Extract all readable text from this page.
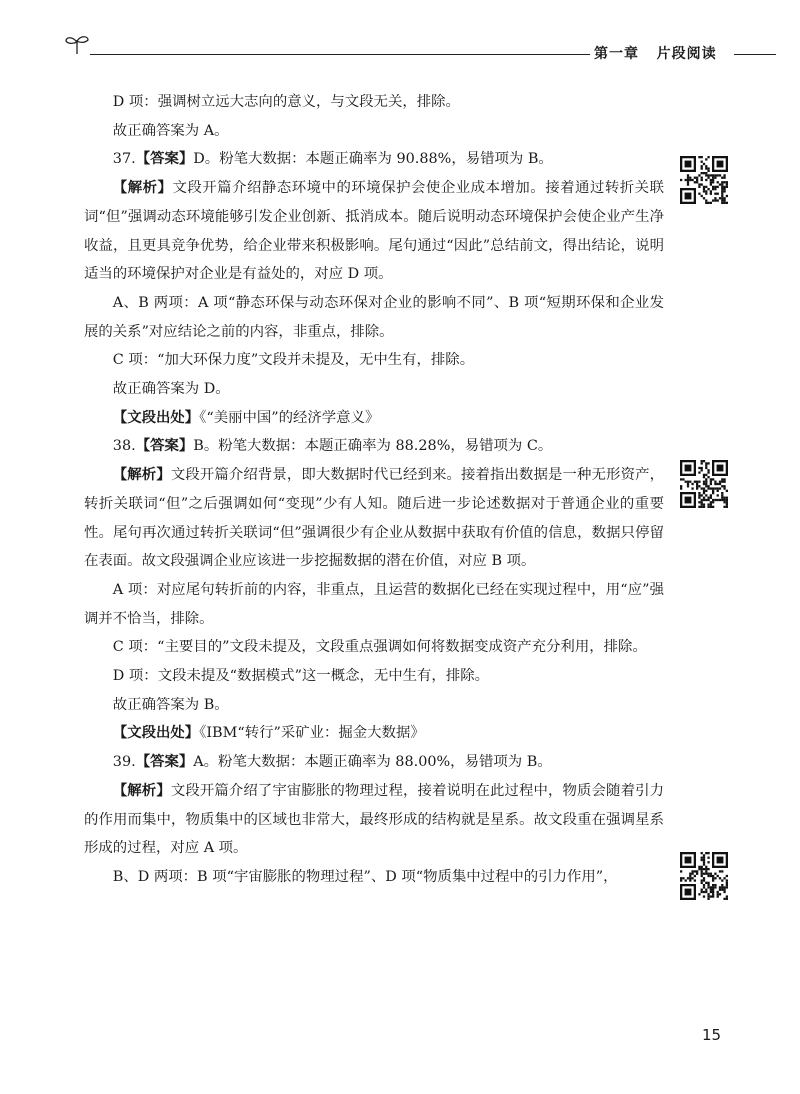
第一章 片段阅读

D 项：强调树立远大志向的意义，与文段无关，排除。

故正确答案为 A。

37.【答案】D。粉笔大数据：本题正确率为 90.88%，易错项为 B。

【解析】文段开篇介绍静态环境中的环境保护会使企业成本增加。接着通过转折关联词“但”强调动态环境能够引发企业创新、抵消成本。随后说明动态环境保护会使企业产生净收益，且更具竞争优势，给企业带来积极影响。尾句通过“因此”总结前文，得出结论，说明适当的环境保护对企业是有益处的，对应 D 项。

A、B 两项：A 项“静态环保与动态环保对企业的影响不同”、B 项“短期环保和企业发展的关系”对应结论之前的内容，非重点，排除。

C 项：“加大环保力度”文段并未提及，无中生有，排除。

故正确答案为 D。

【文段出处】《“美丽中国”的经济学意义》

38.【答案】B。粉笔大数据：本题正确率为 88.28%，易错项为 C。

【解析】文段开篇介绍背景，即大数据时代已经到来。接着指出数据是一种无形资产，转折关联词“但”之后强调如何“变现”少有人知。随后进一步论述数据对于普通企业的重要性。尾句再次通过转折关联词“但”强调很少有企业从数据中获取有价值的信息，数据只停留在表面。故文段强调企业应该进一步挖掘数据的潜在价值，对应 B 项。

A 项：对应尾句转折前的内容，非重点，且运营的数据化已经在实现过程中，用“应”强调并不恰当，排除。

C 项：“主要目的”文段未提及，文段重点强调如何将数据变成资产充分利用，排除。

D 项：文段未提及“数据模式”这一概念，无中生有，排除。

故正确答案为 B。

【文段出处】《IBM“转行”采矿业：掘金大数据》

39.【答案】A。粉笔大数据：本题正确率为 88.00%，易错项为 B。

【解析】文段开篇介绍了宇宙膨胀的物理过程，接着说明在此过程中，物质会随着引力的作用而集中，物质集中的区域也非常大，最终形成的结构就是星系。故文段重在强调星系形成的过程，对应 A 项。

B、D 两项：B 项“宇宙膨胀的物理过程”、D 项“物质集中过程中的引力作用”，

15
